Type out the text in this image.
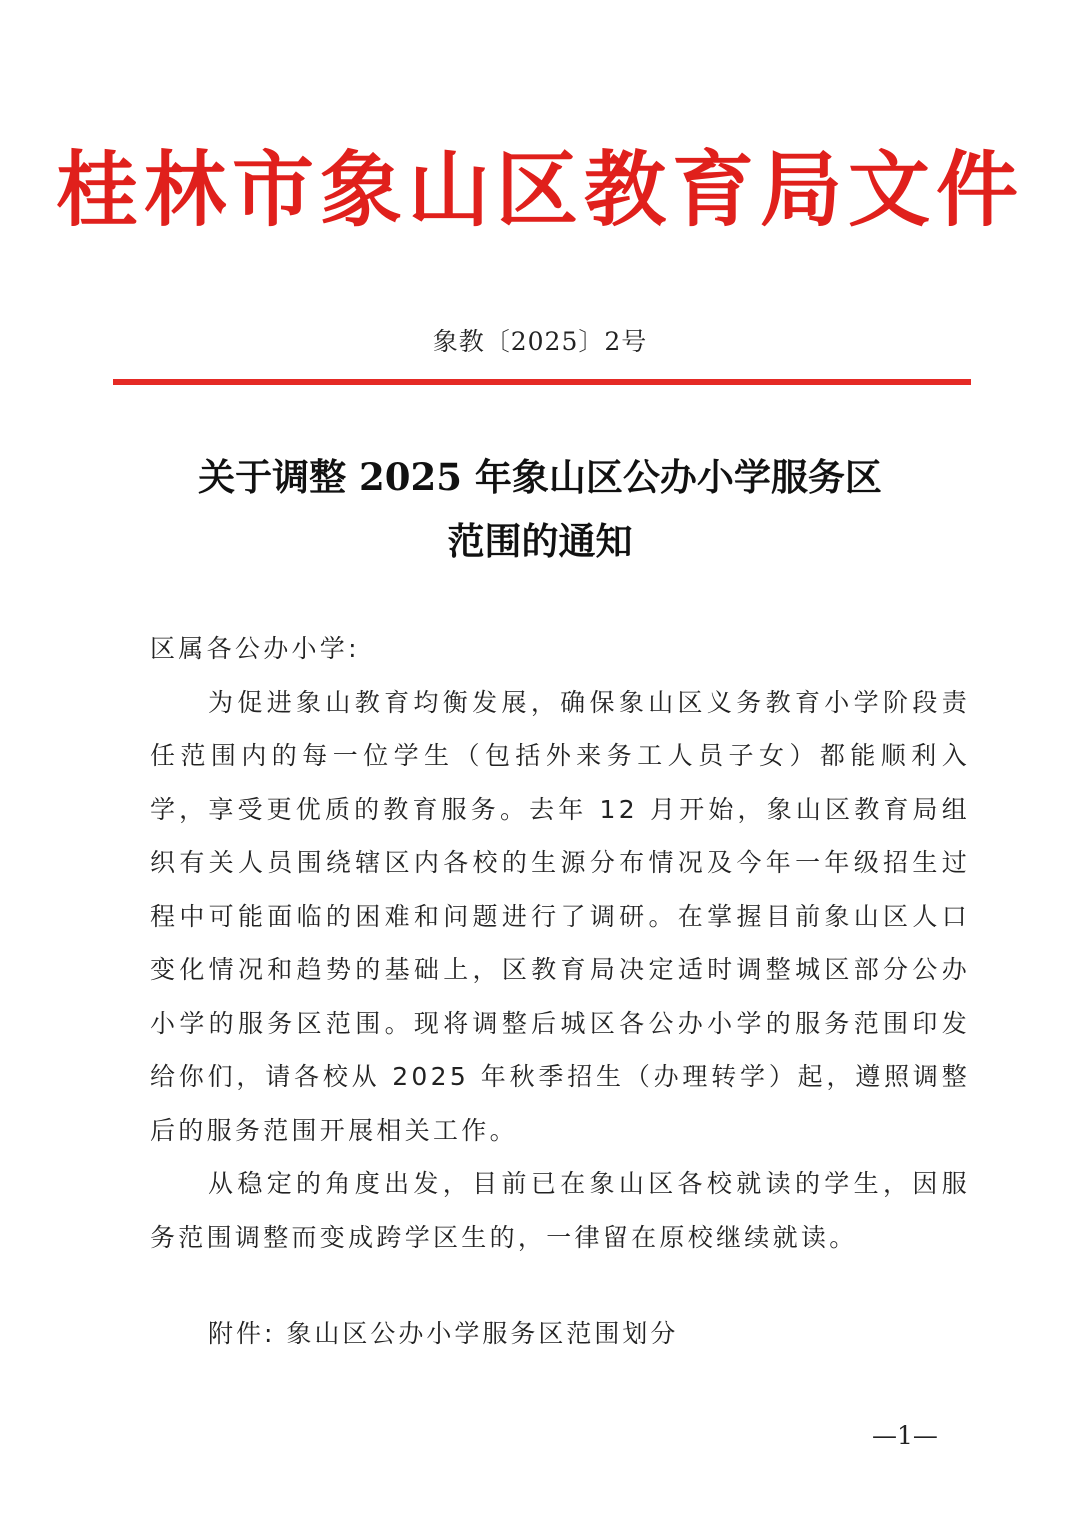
桂林市象山区教育局文件
象教〔2025〕2号
关于调整 2025 年象山区公办小学服务区
范围的通知

区属各公办小学:

为促进象山教育均衡发展，确保象山区义务教育小学阶段责任范围内的每一位学生（包括外来务工人员子女）都能顺利入学，享受更优质的教育服务。去年 12 月开始，象山区教育局组织有关人员围绕辖区内各校的生源分布情况及今年一年级招生过程中可能面临的困难和问题进行了调研。在掌握目前象山区人口变化情况和趋势的基础上，区教育局决定适时调整城区部分公办小学的服务区范围。现将调整后城区各公办小学的服务范围印发给你们，请各校从 2025 年秋季招生（办理转学）起，遵照调整后的服务范围开展相关工作。

从稳定的角度出发，目前已在象山区各校就读的学生，因服务范围调整而变成跨学区生的，一律留在原校继续就读。

附件: 象山区公办小学服务区范围划分
—1—
